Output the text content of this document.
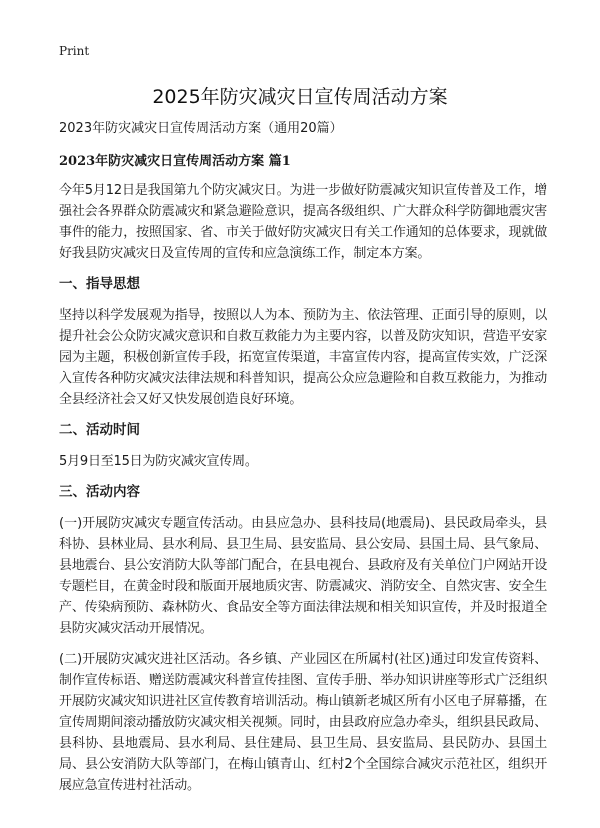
Print
2025年防灾减灾日宣传周活动方案

2023年防灾减灾日宣传周活动方案（通用20篇）

2023年防灾减灾日宣传周活动方案 篇1

今年5月12日是我国第九个防灾减灾日。为进一步做好防震减灾知识宣传普及工作，增强社会各界群众防震减灾和紧急避险意识，提高各级组织、广大群众科学防御地震灾害事件的能力，按照国家、省、市关于做好防灾减灾日有关工作通知的总体要求，现就做好我县防灾减灾日及宣传周的宣传和应急演练工作，制定本方案。

一、指导思想

坚持以科学发展观为指导，按照以人为本、预防为主、依法管理、正面引导的原则，以提升社会公众防灾减灾意识和自救互救能力为主要内容，以普及防灾知识，营造平安家园为主题，积极创新宣传手段，拓宽宣传渠道，丰富宣传内容，提高宣传实效，广泛深入宣传各种防灾减灾法律法规和科普知识，提高公众应急避险和自救互救能力，为推动全县经济社会又好又快发展创造良好环境。

二、活动时间

5月9日至15日为防灾减灾宣传周。

三、活动内容

(一)开展防灾减灾专题宣传活动。由县应急办、县科技局(地震局)、县民政局牵头，县科协、县林业局、县水利局、县卫生局、县安监局、县公安局、县国土局、县气象局、县地震台、县公安消防大队等部门配合，在县电视台、县政府及有关单位门户网站开设专题栏目，在黄金时段和版面开展地质灾害、防震减灾、消防安全、自然灾害、安全生产、传染病预防、森林防火、食品安全等方面法律法规和相关知识宣传，并及时报道全县防灾减灾活动开展情况。

(二)开展防灾减灾进社区活动。各乡镇、产业园区在所属村(社区)通过印发宣传资料、制作宣传标语、赠送防震减灾科普宣传挂图、宣传手册、举办知识讲座等形式广泛组织开展防灾减灾知识进社区宣传教育培训活动。梅山镇新老城区所有小区电子屏幕播，在宣传周期间滚动播放防灾减灾相关视频。同时，由县政府应急办牵头，组织县民政局、县科协、县地震局、县水利局、县住建局、县卫生局、县安监局、县民防办、县国土局、县公安消防大队等部门，在梅山镇青山、红村2个全国综合减灾示范社区，组织开展应急宣传进村社活动。
